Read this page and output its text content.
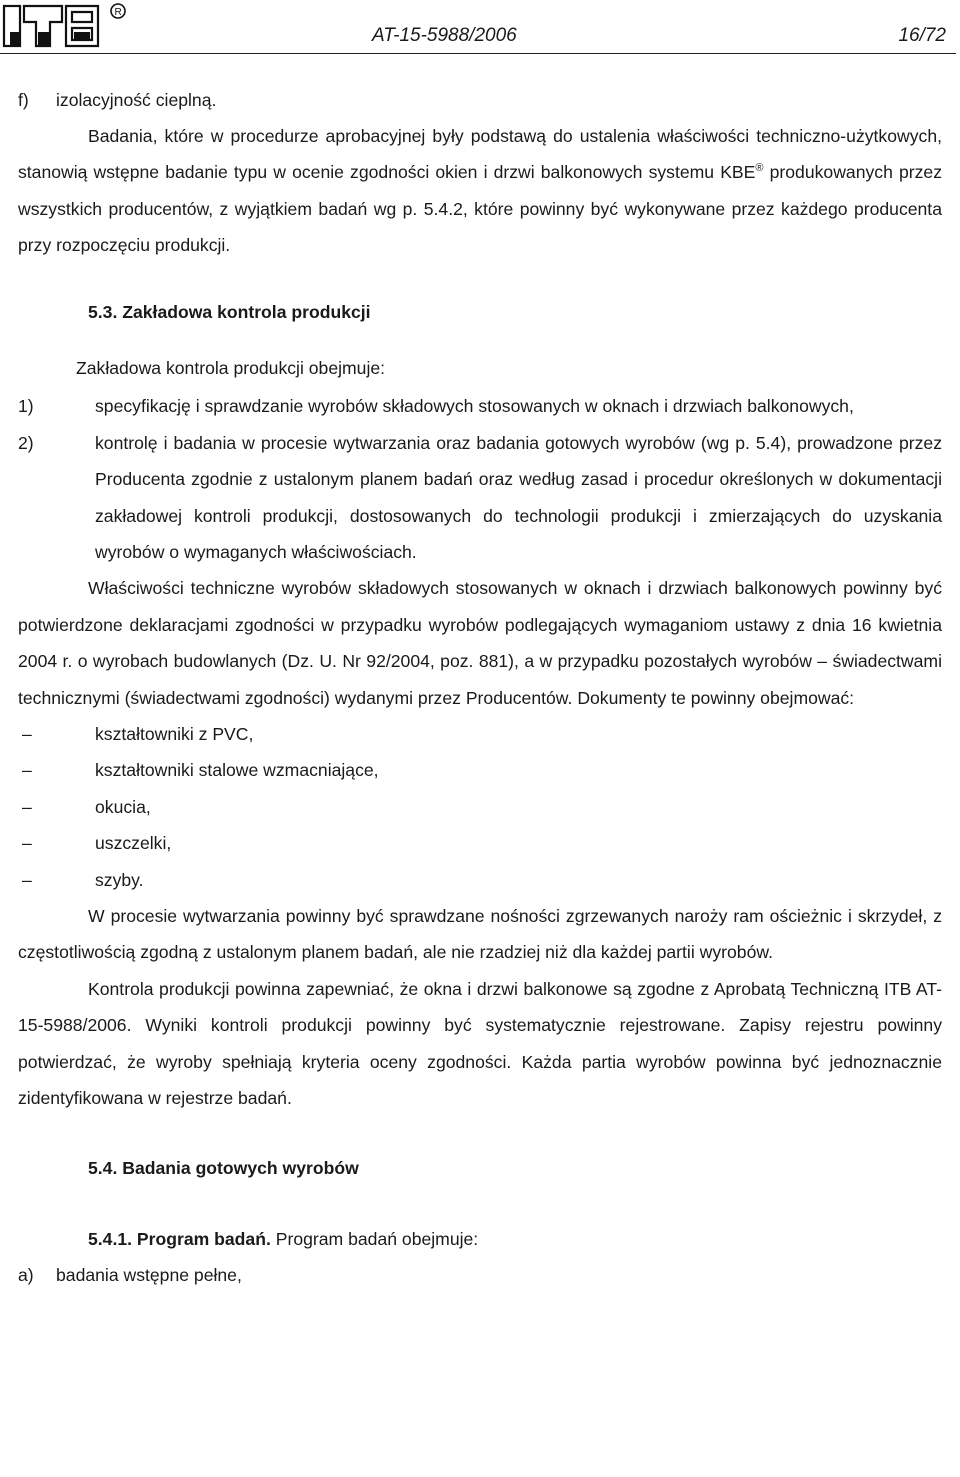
R
AT-15-5988/2006	16/72
f)	izolacyjność cieplną.

Badania, które w procedurze aprobacyjnej były podstawą do ustalenia właściwości techniczno-użytkowych, stanowią wstępne badanie typu w ocenie zgodności okien i drzwi balkonowych systemu KBE® produkowanych przez wszystkich producentów, z wyjątkiem badań wg p. 5.4.2, które powinny być wykonywane przez każdego producenta przy rozpoczęciu produkcji.

5.3. Zakładowa kontrola produkcji

Zakładowa kontrola produkcji obejmuje:

1)	specyfikację i sprawdzanie wyrobów składowych stosowanych w oknach i drzwiach balkonowych,
2)	kontrolę i badania w procesie wytwarzania oraz badania gotowych wyrobów (wg p. 5.4), prowadzone przez Producenta zgodnie z ustalonym planem badań oraz według zasad i procedur określonych w dokumentacji zakładowej kontroli produkcji, dostosowanych do technologii produkcji i zmierzających do uzyskania wyrobów o wymaganych właściwościach.

Właściwości techniczne wyrobów składowych stosowanych w oknach i drzwiach balkonowych powinny być potwierdzone deklaracjami zgodności w przypadku wyrobów podlegających wymaganiom ustawy z dnia 16 kwietnia 2004 r. o wyrobach budowlanych (Dz. U. Nr 92/2004, poz. 881), a w przypadku pozostałych wyrobów – świadectwami technicznymi (świadectwami zgodności) wydanymi przez Producentów. Dokumenty te powinny obejmować:

–	kształtowniki z PVC,
–	kształtowniki stalowe wzmacniające,
–	okucia,
–	uszczelki,
–	szyby.

W procesie wytwarzania powinny być sprawdzane nośności zgrzewanych naroży ram ościeżnic i skrzydeł, z częstotliwością zgodną z ustalonym planem badań, ale nie rzadziej niż dla każdej partii wyrobów.

Kontrola produkcji powinna zapewniać, że okna i drzwi balkonowe są zgodne z Aprobatą Techniczną ITB AT-15-5988/2006. Wyniki kontroli produkcji powinny być systematycznie rejestrowane. Zapisy rejestru powinny potwierdzać, że wyroby spełniają kryteria oceny zgodności. Każda partia wyrobów powinna być jednoznacznie zidentyfikowana w rejestrze badań.

5.4. Badania gotowych wyrobów

5.4.1. Program badań. Program badań obejmuje:

a)	badania wstępne pełne,
